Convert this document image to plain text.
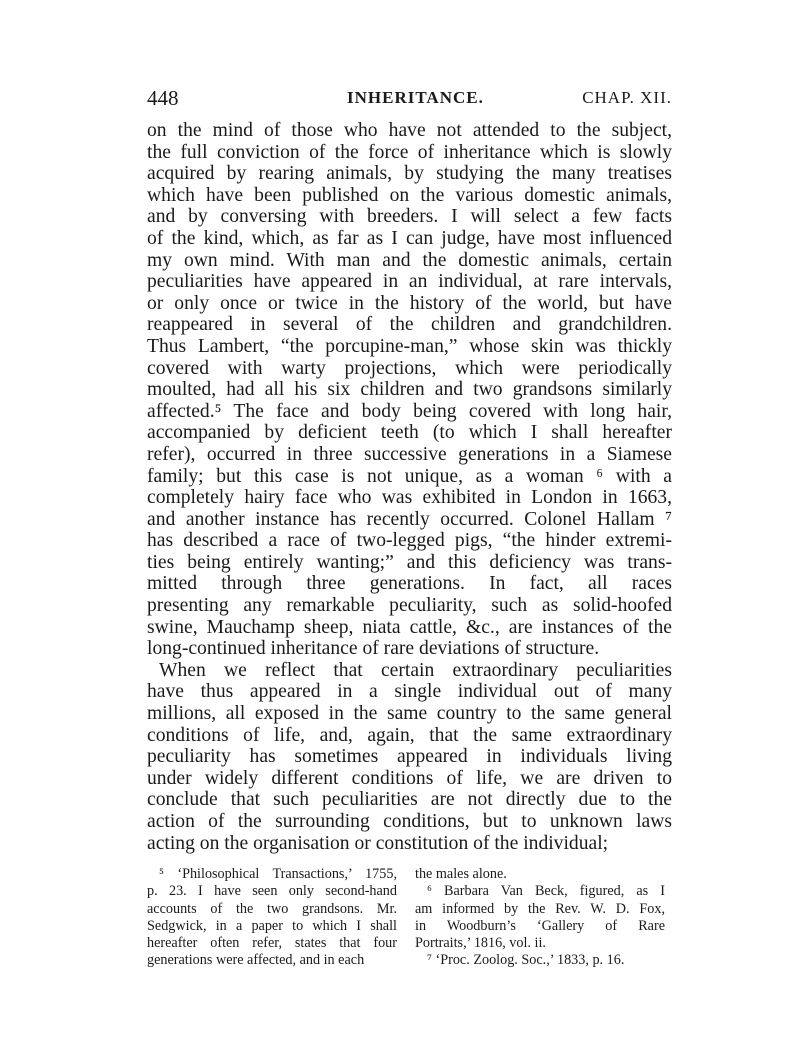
448	INHERITANCE.	CHAP. XII.
on the mind of those who have not attended to the subject,
the full conviction of the force of inheritance which is slowly
acquired by rearing animals, by studying the many treatises
which have been published on the various domestic animals,
and by conversing with breeders. I will select a few facts
of the kind, which, as far as I can judge, have most influenced
my own mind. With man and the domestic animals, certain
peculiarities have appeared in an individual, at rare intervals,
or only once or twice in the history of the world, but have
reappeared in several of the children and grandchildren.
Thus Lambert, “the porcupine-man,” whose skin was thickly
covered with warty projections, which were periodically
moulted, had all his six children and two grandsons similarly
affected.⁵ The face and body being covered with long hair,
accompanied by deficient teeth (to which I shall hereafter
refer), occurred in three successive generations in a Siamese
family; but this case is not unique, as a woman ⁶ with a
completely hairy face who was exhibited in London in 1663,
and another instance has recently occurred. Colonel Hallam ⁷
has described a race of two-legged pigs, “the hinder extremi-
ties being entirely wanting;” and this deficiency was trans-
mitted through three generations. In fact, all races
presenting any remarkable peculiarity, such as solid-hoofed
swine, Mauchamp sheep, niata cattle, &c., are instances of the
long-continued inheritance of rare deviations of structure.
When we reflect that certain extraordinary peculiarities
have thus appeared in a single individual out of many
millions, all exposed in the same country to the same general
conditions of life, and, again, that the same extraordinary
peculiarity has sometimes appeared in individuals living
under widely different conditions of life, we are driven to
conclude that such peculiarities are not directly due to the
action of the surrounding conditions, but to unknown laws
acting on the organisation or constitution of the individual;
⁵ ‘Philosophical Transactions,’ 1755,
p. 23. I have seen only second-hand
accounts of the two grandsons. Mr.
Sedgwick, in a paper to which I shall
hereafter often refer, states that four
generations were affected, and in each
the males alone.
⁶ Barbara Van Beck, figured, as I
am informed by the Rev. W. D. Fox,
in Woodburn’s ‘Gallery of Rare
Portraits,’ 1816, vol. ii.
⁷ ‘Proc. Zoolog. Soc.,’ 1833, p. 16.
